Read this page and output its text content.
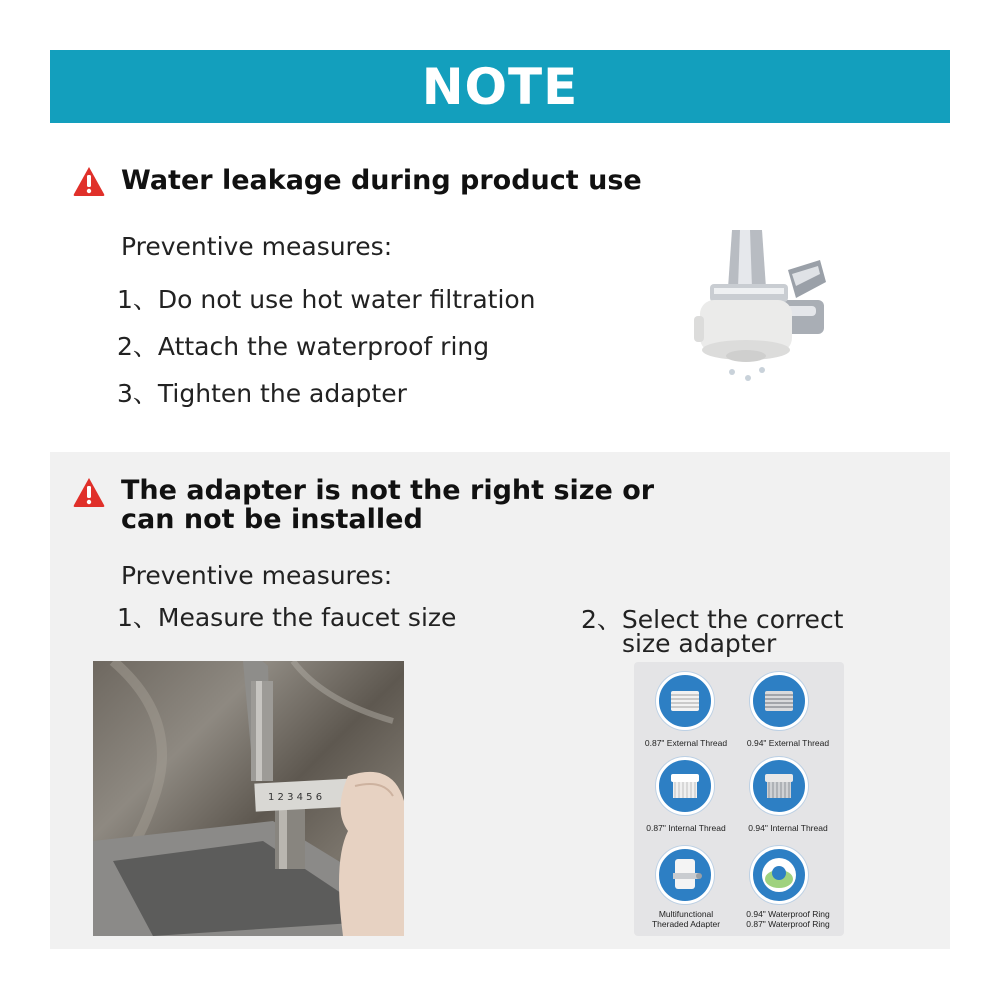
NOTE
Water leakage during product use
Preventive measures:
1、Do not use hot water filtration
2、Attach the waterproof ring
3、Tighten the adapter
The adapter is not the right size or
can not be installed
Preventive measures:
1、Measure the faucet size	2、Select the correct
size adapter
1 2 3 4 5 6
0.87" External Thread	0.94" External Thread
0.87" Internal Thread	0.94" Internal Thread
Multifunctional
Theraded Adapter
0.94" Waterproof Ring
0.87" Waterproof Ring
